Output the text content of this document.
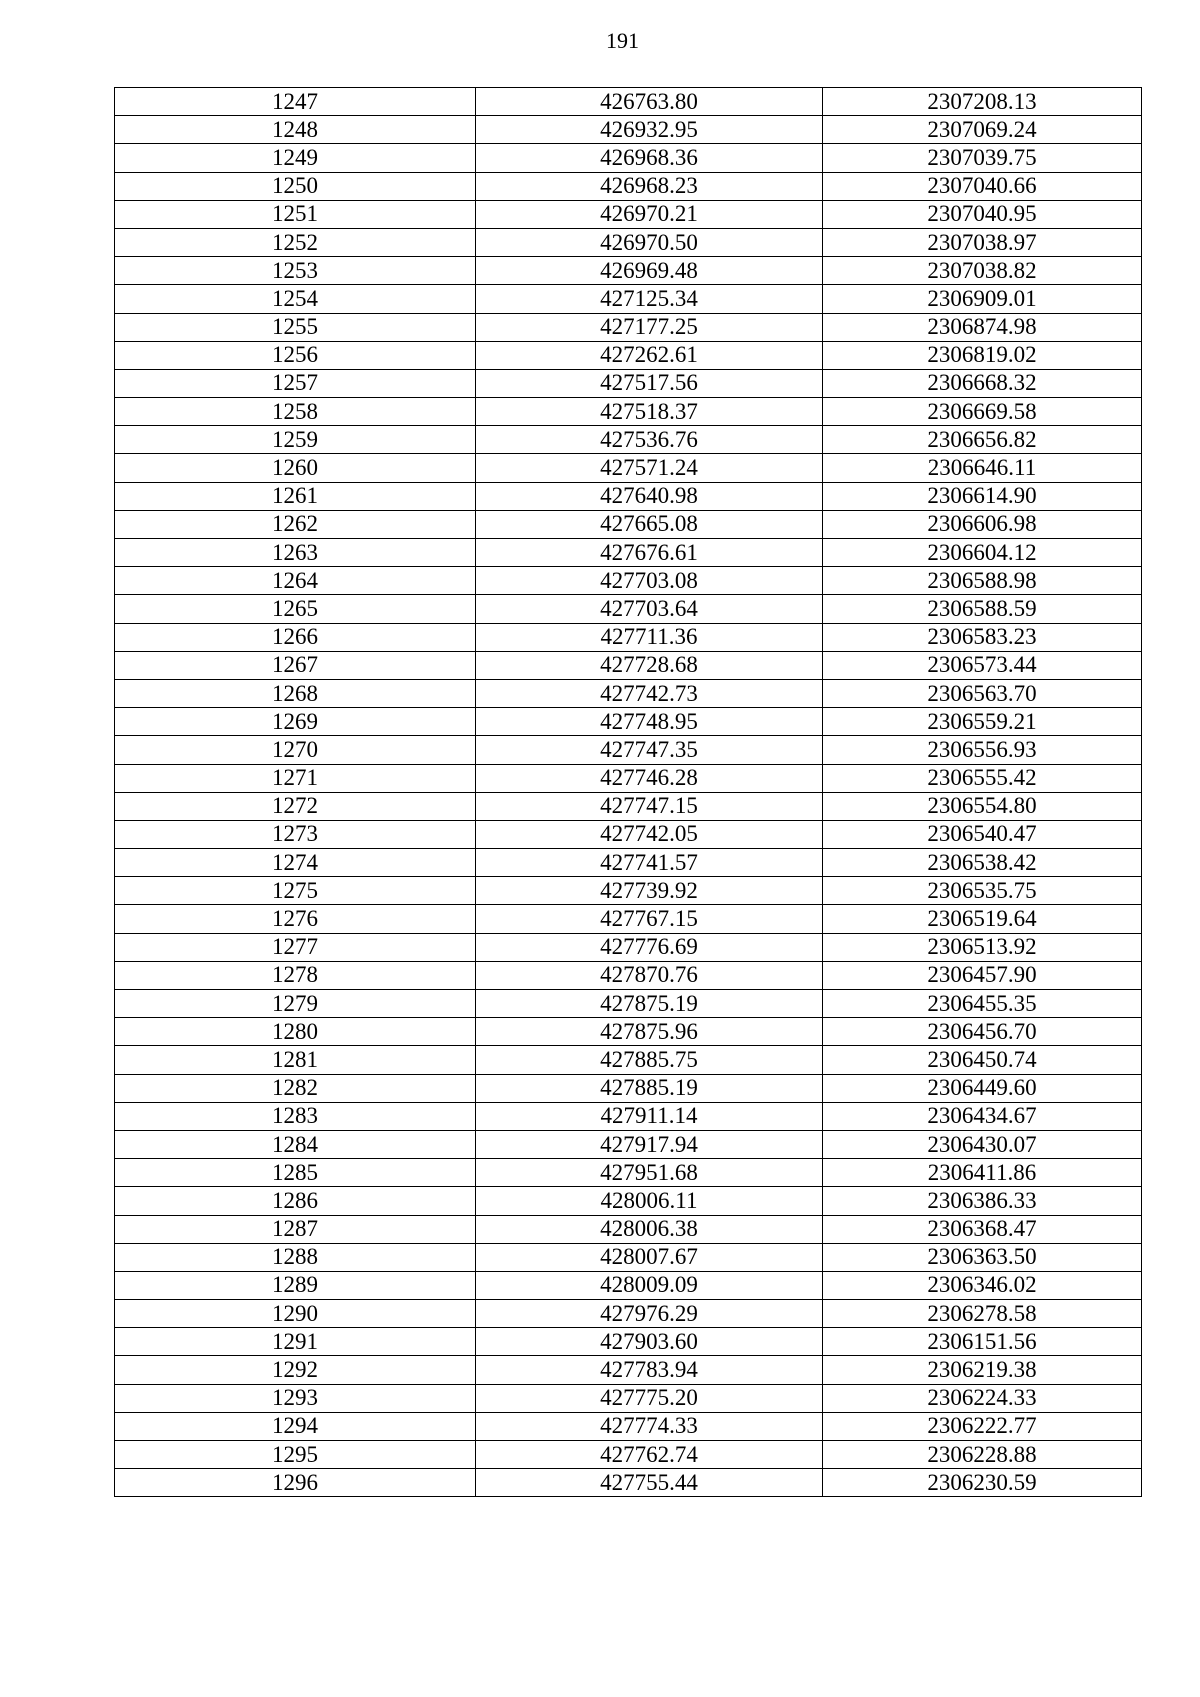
191
1247	426763.80	2307208.13
1248	426932.95	2307069.24
1249	426968.36	2307039.75
1250	426968.23	2307040.66
1251	426970.21	2307040.95
1252	426970.50	2307038.97
1253	426969.48	2307038.82
1254	427125.34	2306909.01
1255	427177.25	2306874.98
1256	427262.61	2306819.02
1257	427517.56	2306668.32
1258	427518.37	2306669.58
1259	427536.76	2306656.82
1260	427571.24	2306646.11
1261	427640.98	2306614.90
1262	427665.08	2306606.98
1263	427676.61	2306604.12
1264	427703.08	2306588.98
1265	427703.64	2306588.59
1266	427711.36	2306583.23
1267	427728.68	2306573.44
1268	427742.73	2306563.70
1269	427748.95	2306559.21
1270	427747.35	2306556.93
1271	427746.28	2306555.42
1272	427747.15	2306554.80
1273	427742.05	2306540.47
1274	427741.57	2306538.42
1275	427739.92	2306535.75
1276	427767.15	2306519.64
1277	427776.69	2306513.92
1278	427870.76	2306457.90
1279	427875.19	2306455.35
1280	427875.96	2306456.70
1281	427885.75	2306450.74
1282	427885.19	2306449.60
1283	427911.14	2306434.67
1284	427917.94	2306430.07
1285	427951.68	2306411.86
1286	428006.11	2306386.33
1287	428006.38	2306368.47
1288	428007.67	2306363.50
1289	428009.09	2306346.02
1290	427976.29	2306278.58
1291	427903.60	2306151.56
1292	427783.94	2306219.38
1293	427775.20	2306224.33
1294	427774.33	2306222.77
1295	427762.74	2306228.88
1296	427755.44	2306230.59
